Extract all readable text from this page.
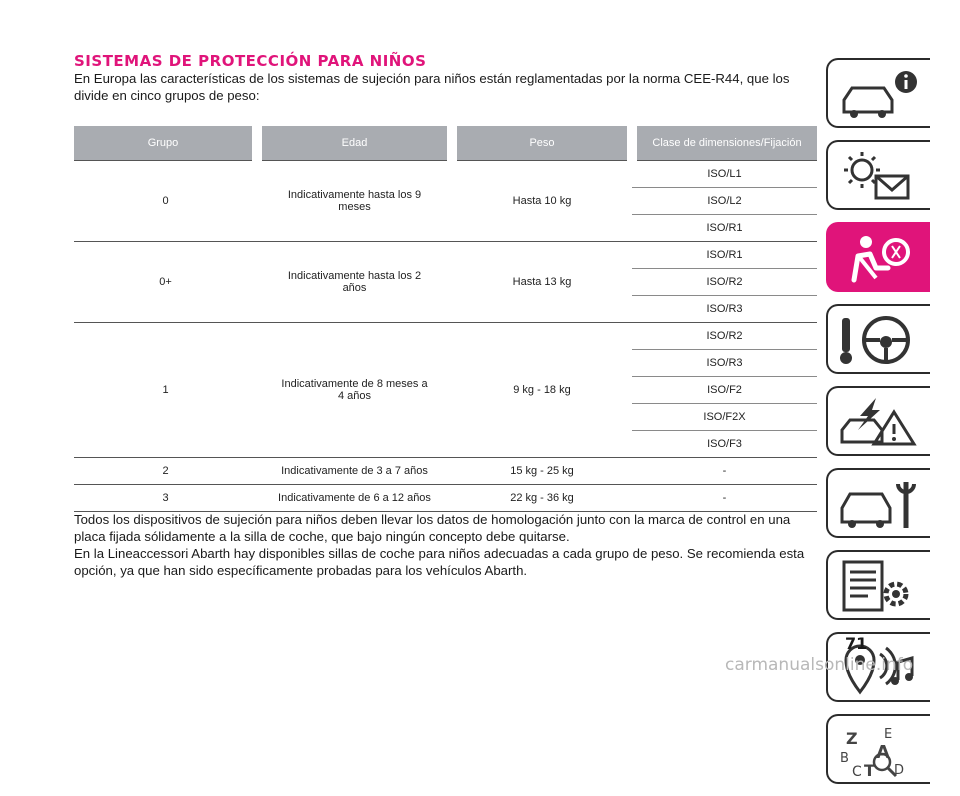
SISTEMAS DE PROTECCIÓN PARA NIÑOS
En Europa las características de los sistemas de sujeción para niños están reglamentadas por la norma CEE-R44, que los divide en cinco grupos de peso:
Grupo	Edad	Peso	Clase de dimensiones/Fijación
0	Indicativamente hasta los 9 meses	Hasta 10 kg	ISO/L1
			ISO/L2
			ISO/R1
0+	Indicativamente hasta los 2 años	Hasta 13 kg	ISO/R1
			ISO/R2
			ISO/R3
1	Indicativamente de 8 meses a 4 años	9 kg - 18 kg	ISO/R2
			ISO/R3
			ISO/F2
			ISO/F2X
			ISO/F3
2	Indicativamente de 3 a 7 años	15 kg - 25 kg	-
3	Indicativamente de 6 a 12 años	22 kg - 36 kg	-

Todos los dispositivos de sujeción para niños deben llevar los datos de homologación junto con la marca de control en una placa fijada sólidamente a la silla de coche, que bajo ningún concepto debe quitarse.

En la Lineaccessori Abarth hay disponibles sillas de coche para niños adecuadas a cada grupo de peso. Se recomienda esta opción, ya que han sido específicamente probadas para los vehículos Abarth.

Z E
A
B
C T D
71
carmanualsonline.info
